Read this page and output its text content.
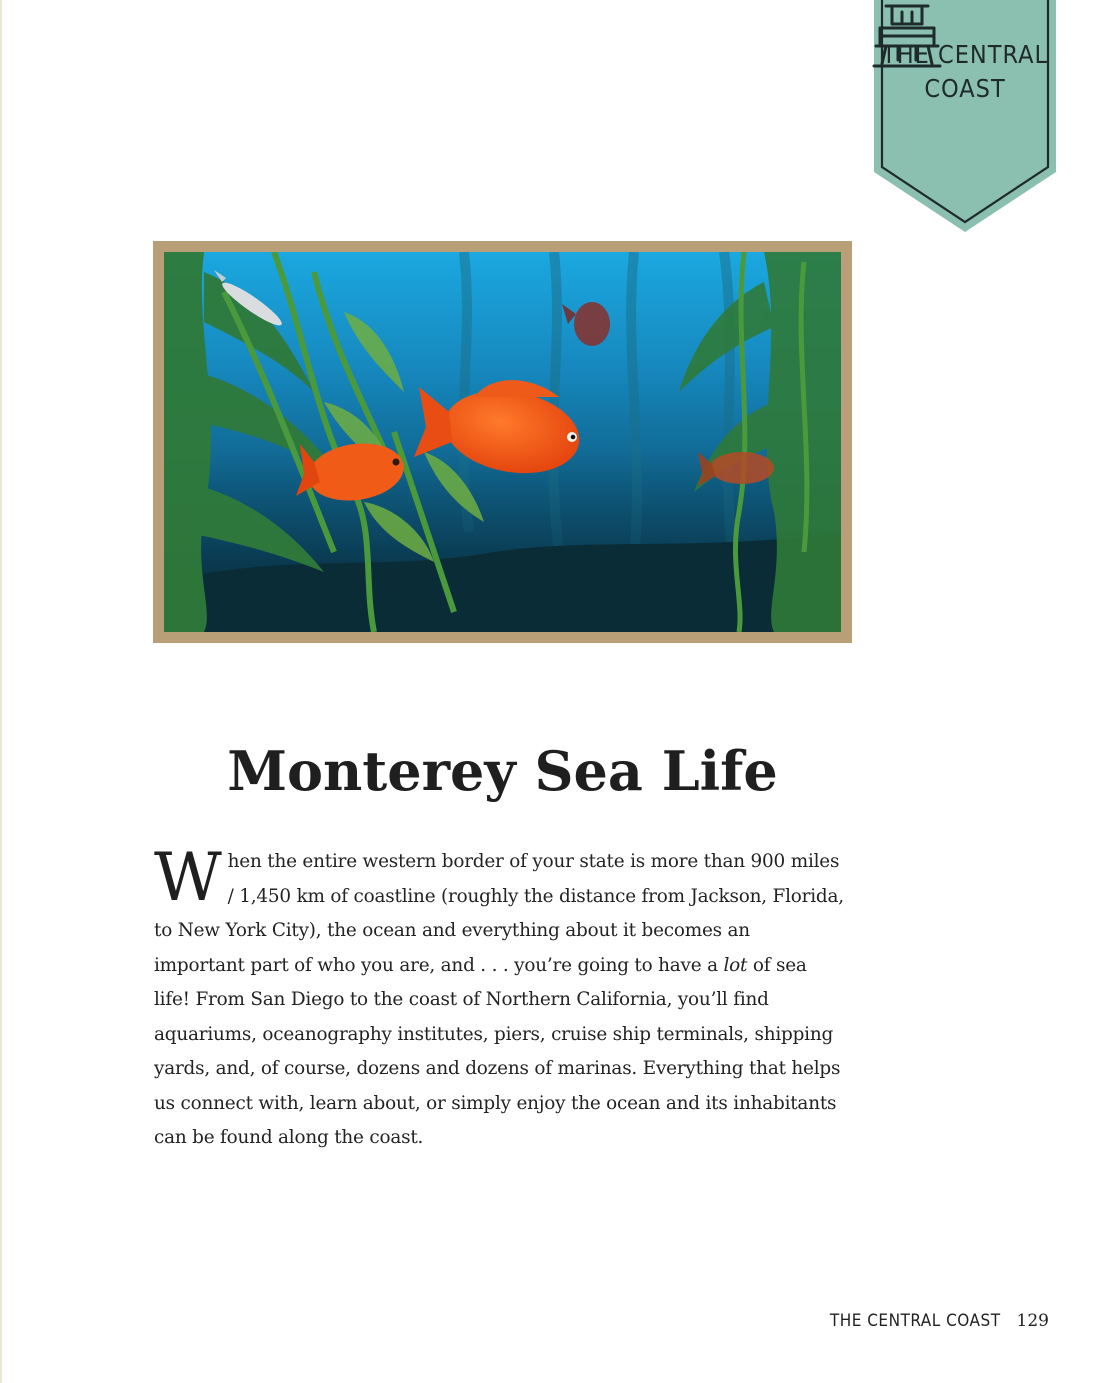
THE CENTRAL
COAST
Monterey Sea Life
When the entire western border of your state is more than 900 miles / 1,450 km of coastline (roughly the distance from Jackson, Florida, to New York City), the ocean and everything about it becomes an important part of who you are, and . . . you’re going to have a lot of sea life! From San Diego to the coast of Northern California, you’ll find aquariums, oceanography institutes, piers, cruise ship terminals, shipping yards, and, of course, dozens and dozens of marinas. Everything that helps us connect with, learn about, or simply enjoy the ocean and its inhabitants can be found along the coast.
THE CENTRAL COAST 129
